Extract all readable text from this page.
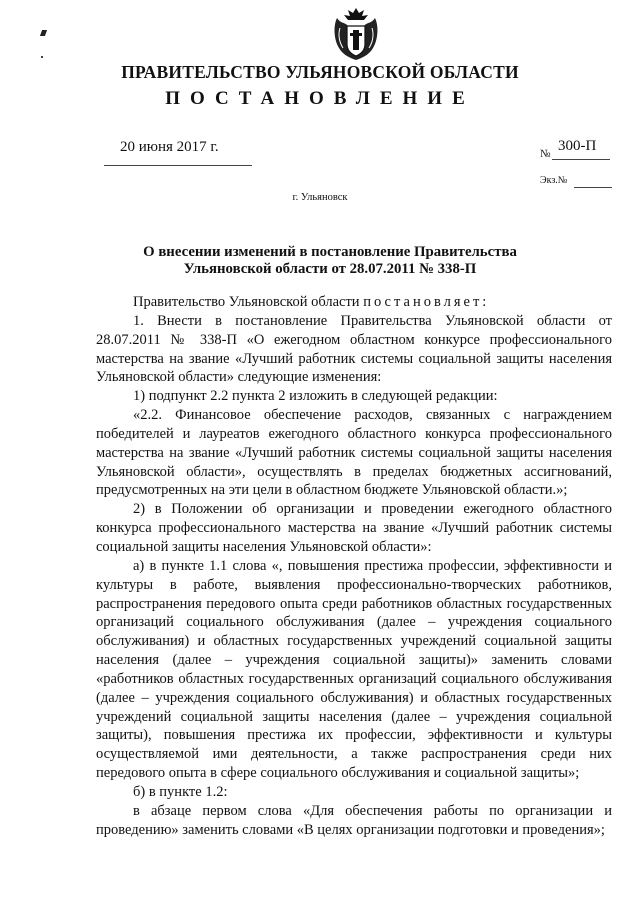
ПРАВИТЕЛЬСТВО УЛЬЯНОВСКОЙ ОБЛАСТИ
ПОСТАНОВЛЕНИЕ
20 июня 2017 г.	№ 300-П
Экз.№
г. Ульяновск
О внесении изменений в постановление Правительства
Ульяновской области от 28.07.2011 № 338-П

Правительство Ульяновской области постановляет:

1. Внести в постановление Правительства Ульяновской области от 28.07.2011 № 338-П «О ежегодном областном конкурсе профессионального мастерства на звание «Лучший работник системы социальной защиты населения Ульяновской области» следующие изменения:

1) подпункт 2.2 пункта 2 изложить в следующей редакции:

«2.2. Финансовое обеспечение расходов, связанных с награждением победителей и лауреатов ежегодного областного конкурса профессионального мастерства на звание «Лучший работник системы социальной защиты населения Ульяновской области», осуществлять в пределах бюджетных ассигнований, предусмотренных на эти цели в областном бюджете Ульяновской области.»;

2) в Положении об организации и проведении ежегодного областного конкурса профессионального мастерства на звание «Лучший работник системы социальной защиты населения Ульяновской области»:

а) в пункте 1.1 слова «, повышения престижа профессии, эффективности и культуры в работе, выявления профессионально-творческих работников, распространения передового опыта среди работников областных государственных организаций социального обслуживания (далее – учреждения социального обслуживания) и областных государственных учреждений социальной защиты населения (далее – учреждения социальной защиты)» заменить словами «работников областных государственных организаций социального обслуживания (далее – учреждения социального обслуживания) и областных государственных учреждений социальной защиты населения (далее – учреждения социальной защиты), повышения престижа их профессии, эффективности и культуры осуществляемой ими деятельности, а также распространения среди них передового опыта в сфере социального обслуживания и социальной защиты»;

б) в пункте 1.2:

в абзаце первом слова «Для обеспечения работы по организации и проведению» заменить словами «В целях организации подготовки и проведения»;
